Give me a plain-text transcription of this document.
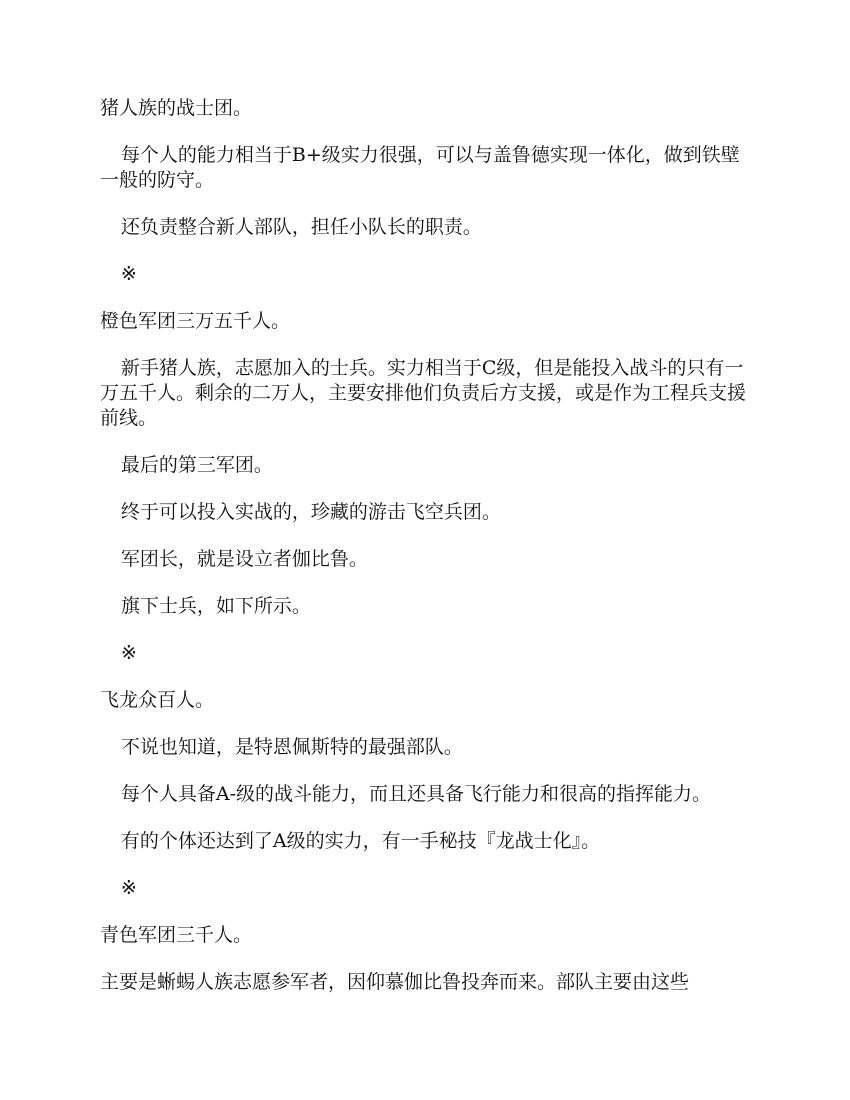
猪人族的战士团。

每个人的能力相当于B+级实力很强，可以与盖鲁德实现一体化，做到铁壁一般的防守。

还负责整合新人部队，担任小队长的职责。

※

橙色军团三万五千人。

新手猪人族，志愿加入的士兵。实力相当于C级，但是能投入战斗的只有一万五千人。剩余的二万人，主要安排他们负责后方支援，或是作为工程兵支援前线。

最后的第三军团。

终于可以投入实战的，珍藏的游击飞空兵团。

军团长，就是设立者伽比鲁。

旗下士兵，如下所示。

※

飞龙众百人。

不说也知道，是特恩佩斯特的最强部队。

每个人具备A-级的战斗能力，而且还具备飞行能力和很高的指挥能力。

有的个体还达到了A级的实力，有一手秘技『龙战士化』。

※

青色军团三千人。

主要是蜥蜴人族志愿参军者，因仰慕伽比鲁投奔而来。部队主要由这些
